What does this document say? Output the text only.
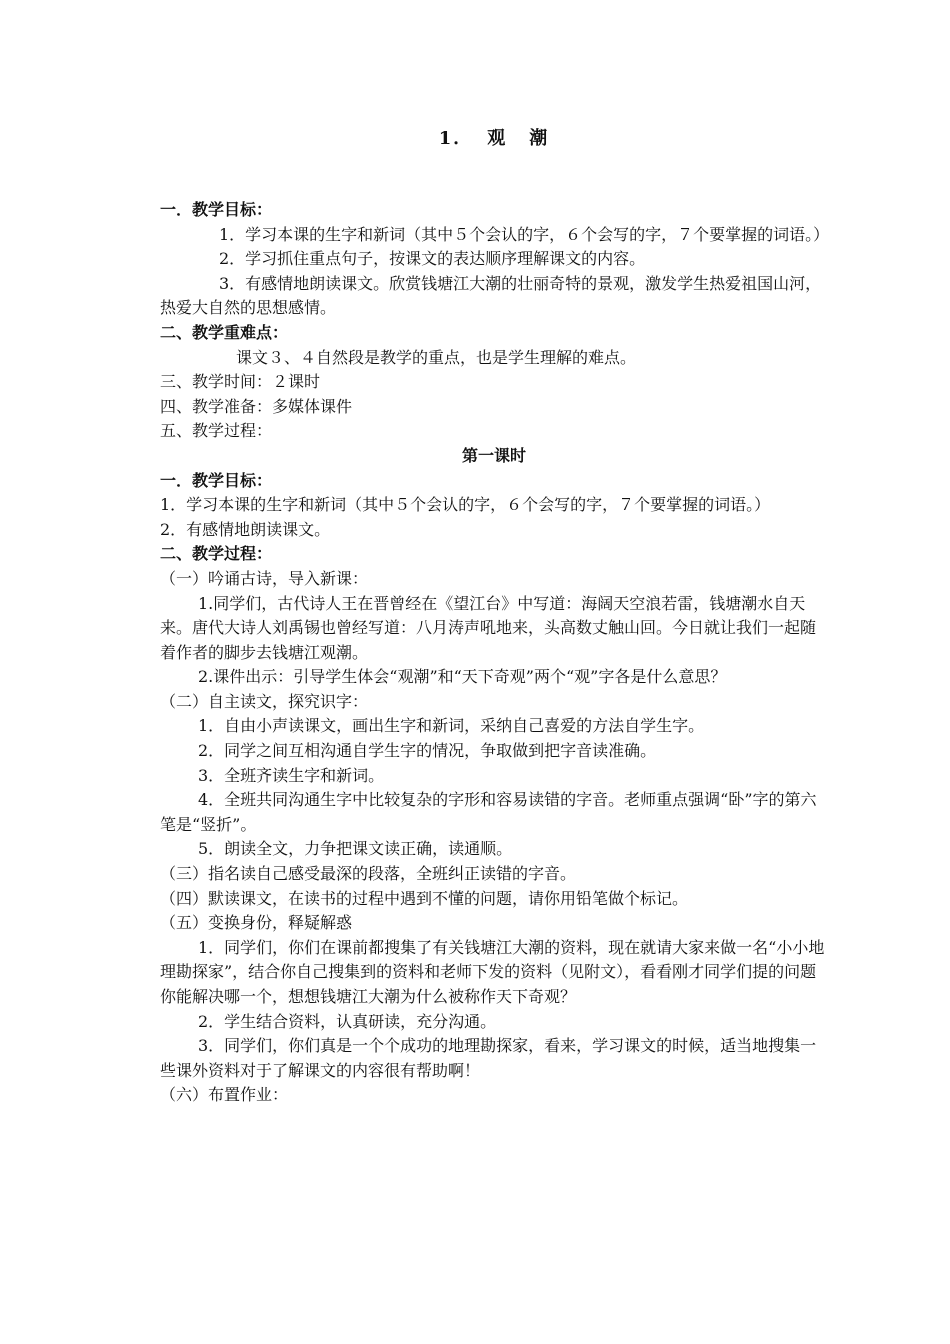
1． 观 潮

一．教学目标：

1．学习本课的生字和新词（其中５个会认的字，６个会写的字，７个要掌握的词语。）

2．学习抓住重点句子，按课文的表达顺序理解课文的内容。

3．有感情地朗读课文。欣赏钱塘江大潮的壮丽奇特的景观，激发学生热爱祖国山河，热爱大自然的思想感情。

二、教学重难点：

课文３、４自然段是教学的重点，也是学生理解的难点。

三、教学时间：２课时

四、教学准备：多媒体课件

五、教学过程：

第一课时

一．教学目标：

1．学习本课的生字和新词（其中５个会认的字，６个会写的字，７个要掌握的词语。）

2．有感情地朗读课文。

二、教学过程：

（一）吟诵古诗，导入新课：

1.同学们，古代诗人王在晋曾经在《望江台》中写道：海阔天空浪若雷，钱塘潮水自天来。唐代大诗人刘禹锡也曾经写道：八月涛声吼地来，头高数丈触山回。今日就让我们一起随着作者的脚步去钱塘江观潮。

2.课件出示：引导学生体会“观潮”和“天下奇观”两个“观”字各是什么意思？

（二）自主读文，探究识字：

1．自由小声读课文，画出生字和新词，采纳自己喜爱的方法自学生字。

2．同学之间互相沟通自学生字的情况，争取做到把字音读准确。

3．全班齐读生字和新词。

4．全班共同沟通生字中比较复杂的字形和容易读错的字音。老师重点强调“卧”字的第六笔是“竖折”。

5．朗读全文，力争把课文读正确，读通顺。

（三）指名读自己感受最深的段落，全班纠正读错的字音。

（四）默读课文，在读书的过程中遇到不懂的问题，请你用铅笔做个标记。

（五）变换身份，释疑解惑

1．同学们，你们在课前都搜集了有关钱塘江大潮的资料，现在就请大家来做一名“小小地理勘探家”，结合你自己搜集到的资料和老师下发的资料（见附文），看看刚才同学们提的问题你能解决哪一个，想想钱塘江大潮为什么被称作天下奇观？

2．学生结合资料，认真研读，充分沟通。

3．同学们，你们真是一个个成功的地理勘探家，看来，学习课文的时候，适当地搜集一些课外资料对于了解课文的内容很有帮助啊！

（六）布置作业：
